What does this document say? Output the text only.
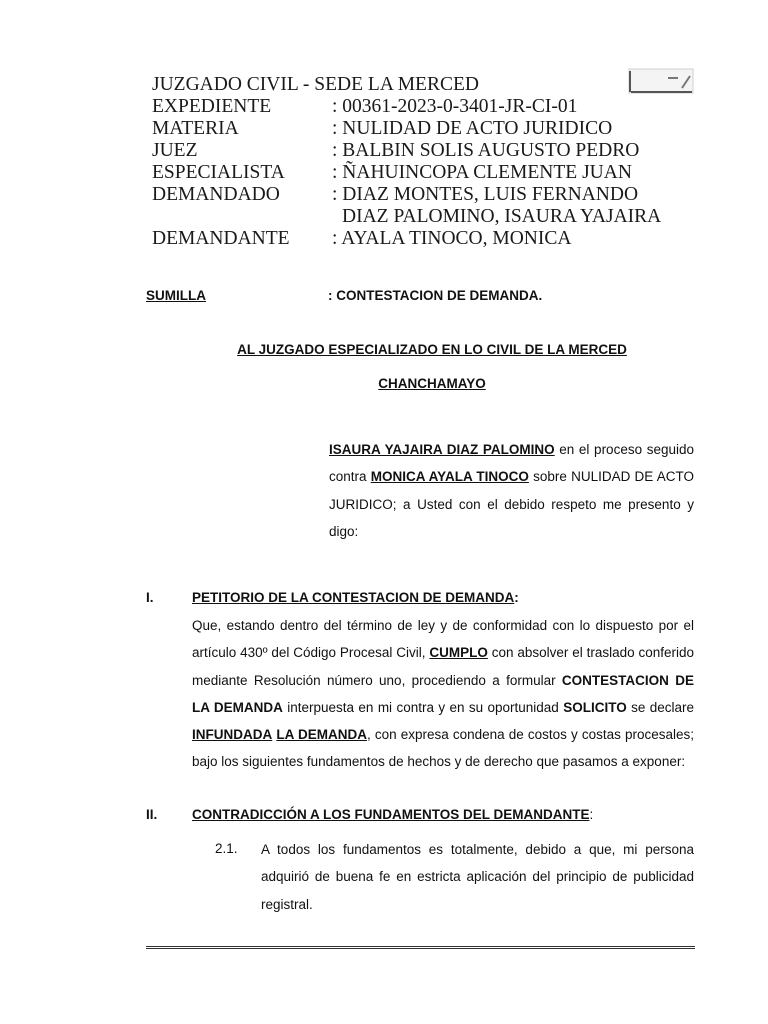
JUZGADO CIVIL - SEDE LA MERCED
EXPEDIENTE	: 00361-2023-0-3401-JR-CI-01
MATERIA	: NULIDAD DE ACTO JURIDICO
JUEZ	: BALBIN SOLIS AUGUSTO PEDRO
ESPECIALISTA : ÑAHUINCOPA CLEMENTE JUAN
DEMANDADO	: DIAZ MONTES, LUIS FERNANDO
DIAZ PALOMINO, ISAURA YAJAIRA
DEMANDANTE : AYALA TINOCO, MONICA
SUMILLA	: CONTESTACION DE DEMANDA.
AL JUZGADO ESPECIALIZADO EN LO CIVIL DE LA MERCED
CHANCHAMAYO
ISAURA YAJAIRA DIAZ PALOMINO en el proceso seguido contra MONICA AYALA TINOCO sobre NULIDAD DE ACTO JURIDICO; a Usted con el debido respeto me presento y digo:
I.	PETITORIO DE LA CONTESTACION DE DEMANDA:
Que, estando dentro del término de ley y de conformidad con lo dispuesto por el artículo 430º del Código Procesal Civil, CUMPLO con absolver el traslado conferido mediante Resolución número uno, procediendo a formular CONTESTACION DE LA DEMANDA interpuesta en mi contra y en su oportunidad SOLICITO se declare INFUNDADA LA DEMANDA, con expresa condena de costos y costas procesales; bajo los siguientes fundamentos de hechos y de derecho que pasamos a exponer:
II.	CONTRADICCIÓN A LOS FUNDAMENTOS DEL DEMANDANTE:
2.1. A todos los fundamentos es totalmente, debido a que, mi persona adquirió de buena fe en estricta aplicación del principio de publicidad registral.
